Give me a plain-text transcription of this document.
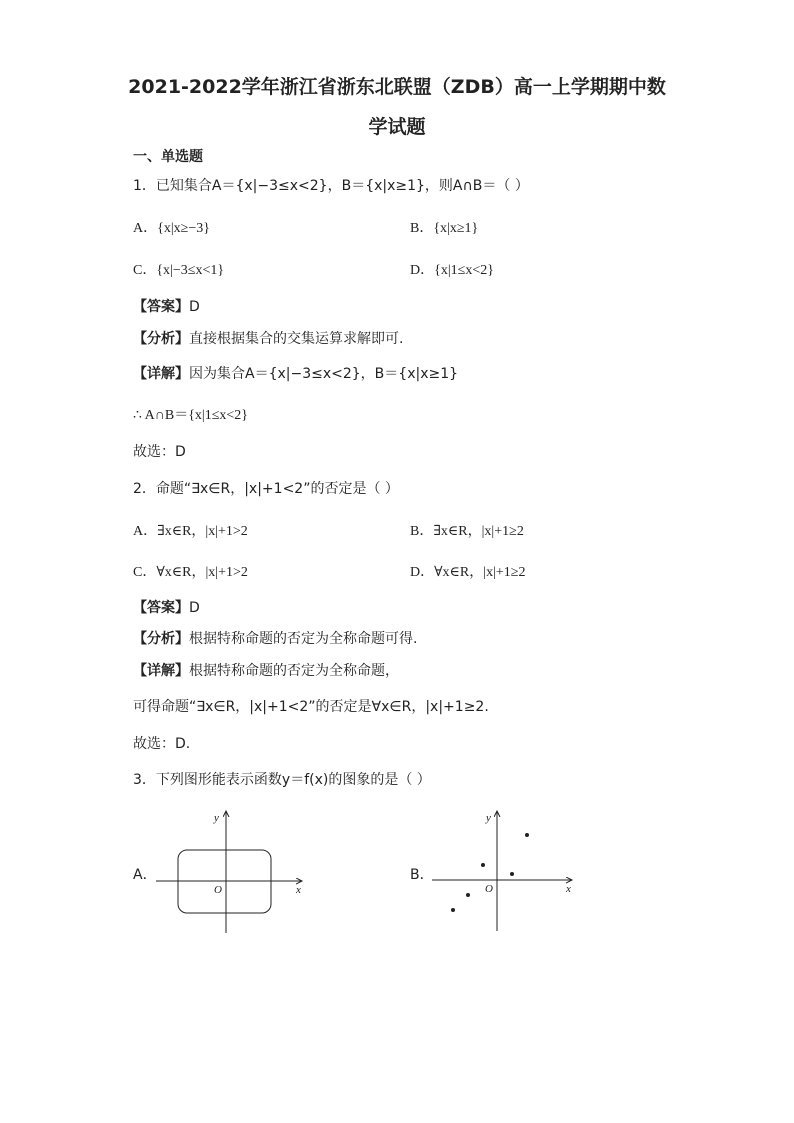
2021-2022学年浙江省浙东北联盟（ZDB）高一上学期期中数
学试题
一、单选题
1．已知集合A＝{x|−3≤x<2}，B＝{x|x≥1}，则A∩B＝（ ）
A．{x|x≥−3}	B．{x|x≥1}
C．{x|−3≤x<1}	D．{x|1≤x<2}
【答案】D
【分析】直接根据集合的交集运算求解即可.
【详解】因为集合A＝{x|−3≤x<2}，B＝{x|x≥1}
∴ A∩B＝{x|1≤x<2}
故选：D
2．命题“∃x∈R，|x|+1<2”的否定是（ ）
A．∃x∈R，|x|+1>2	B．∃x∈R，|x|+1≥2
C．∀x∈R，|x|+1>2	D．∀x∈R，|x|+1≥2
【答案】D
【分析】根据特称命题的否定为全称命题可得.
【详解】根据特称命题的否定为全称命题，
可得命题“∃x∈R，|x|+1<2”的否定是∀x∈R，|x|+1≥2.
故选：D.
3．下列图形能表示函数y＝f(x)的图象的是（ ）
A．
y
x
O
B．
y
x
O
